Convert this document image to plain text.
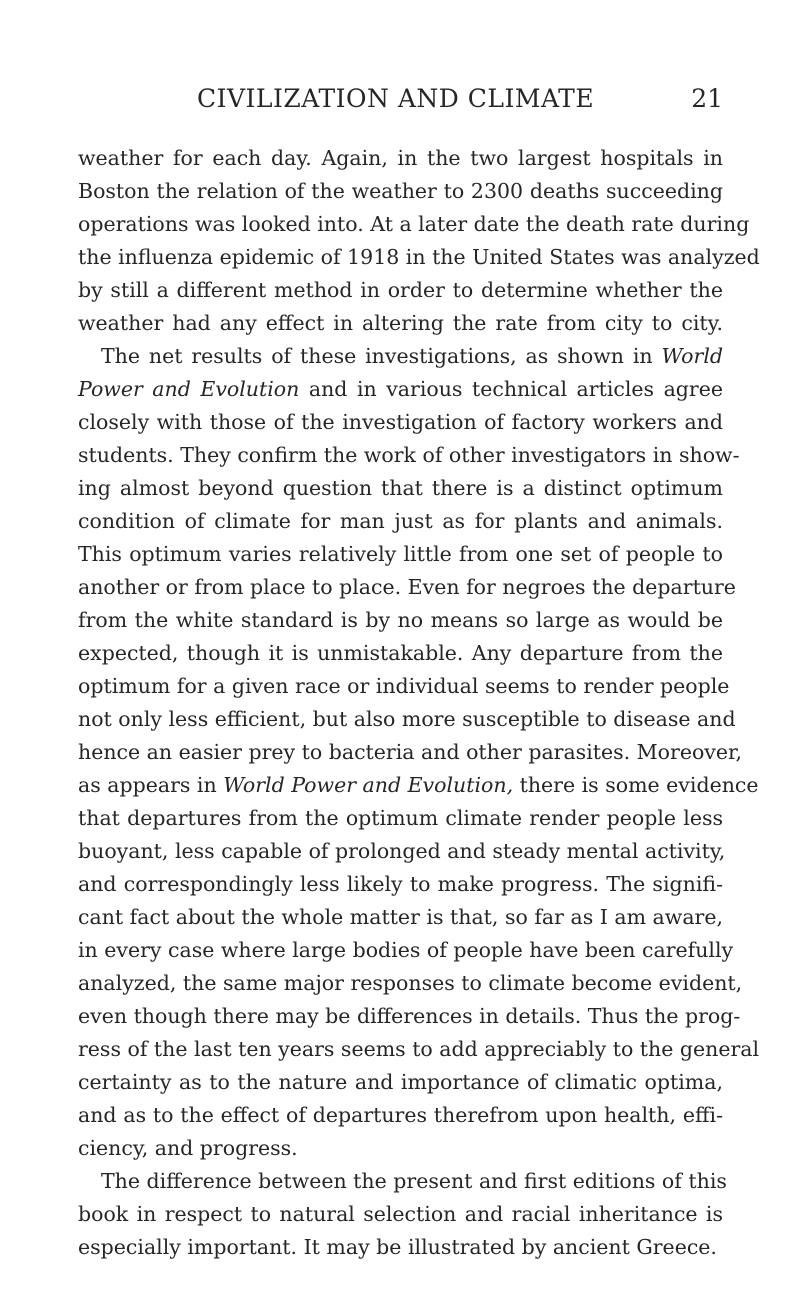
CIVILIZATION AND CLIMATE	21
weather for each day. Again, in the two largest hospitals in
Boston the relation of the weather to 2300 deaths succeeding
operations was looked into. At a later date the death rate during
the influenza epidemic of 1918 in the United States was analyzed
by still a different method in order to determine whether the
weather had any effect in altering the rate from city to city.
The net results of these investigations, as shown in World
Power and Evolution and in various technical articles agree
closely with those of the investigation of factory workers and
students. They confirm the work of other investigators in show-
ing almost beyond question that there is a distinct optimum
condition of climate for man just as for plants and animals.
This optimum varies relatively little from one set of people to
another or from place to place. Even for negroes the departure
from the white standard is by no means so large as would be
expected, though it is unmistakable. Any departure from the
optimum for a given race or individual seems to render people
not only less efficient, but also more susceptible to disease and
hence an easier prey to bacteria and other parasites. Moreover,
as appears in World Power and Evolution, there is some evidence
that departures from the optimum climate render people less
buoyant, less capable of prolonged and steady mental activity,
and correspondingly less likely to make progress. The signifi-
cant fact about the whole matter is that, so far as I am aware,
in every case where large bodies of people have been carefully
analyzed, the same major responses to climate become evident,
even though there may be differences in details. Thus the prog-
ress of the last ten years seems to add appreciably to the general
certainty as to the nature and importance of climatic optima,
and as to the effect of departures therefrom upon health, effi-
ciency, and progress.
The difference between the present and first editions of this
book in respect to natural selection and racial inheritance is
especially important. It may be illustrated by ancient Greece.
